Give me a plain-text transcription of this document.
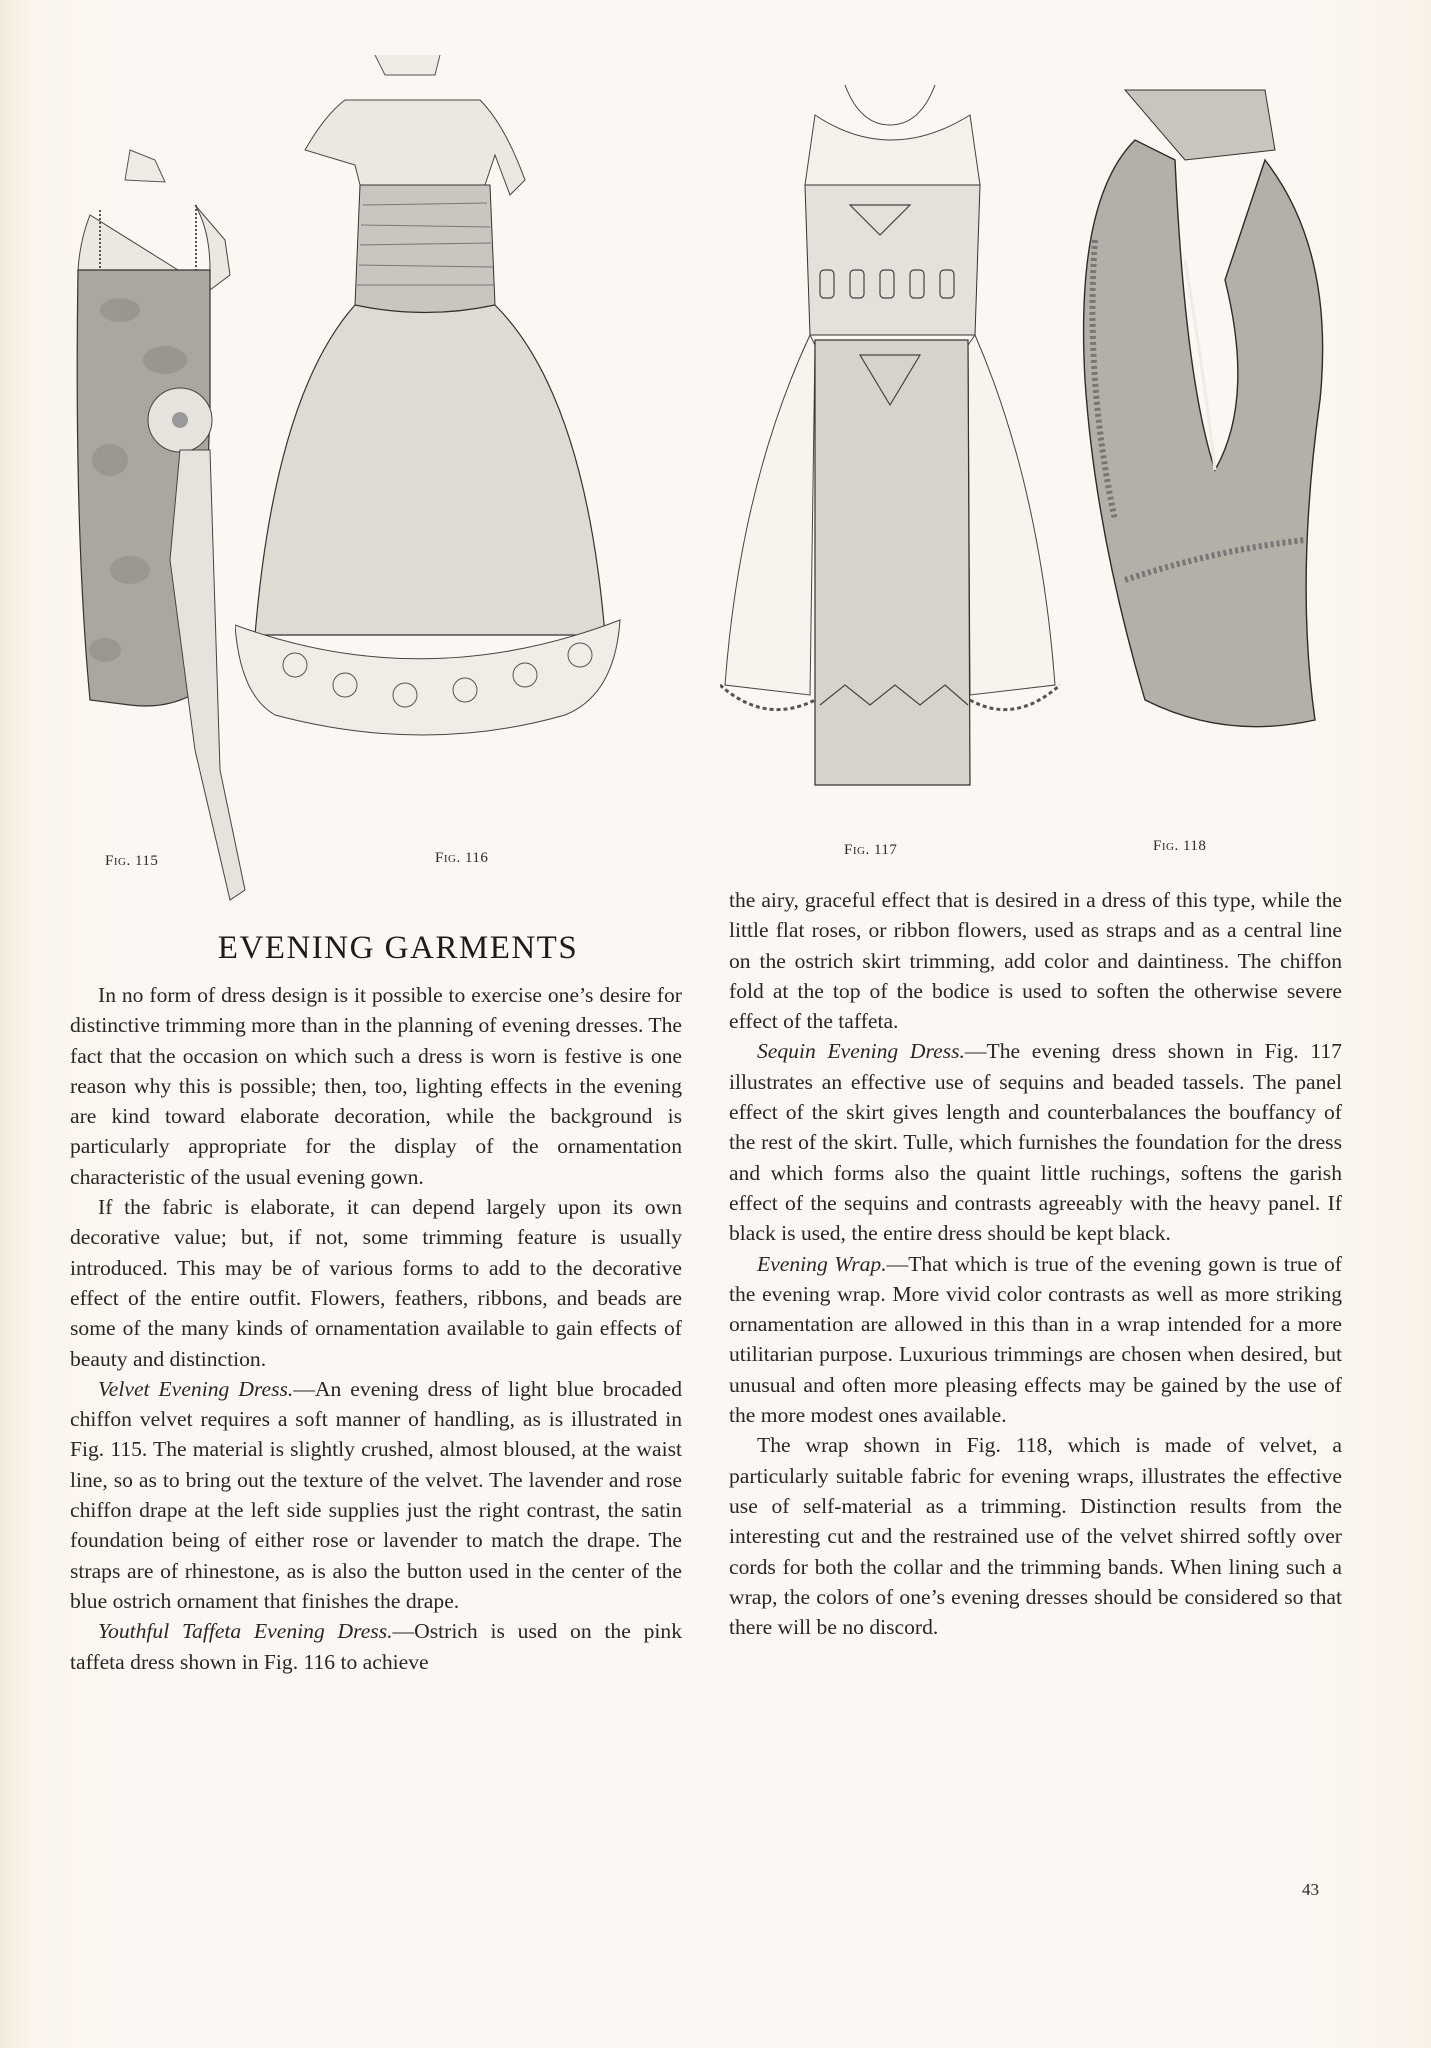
Fig. 115	Fig. 116	Fig. 117	Fig. 118
EVENING GARMENTS

In no form of dress design is it possible to exercise one’s desire for distinctive trimming more than in the planning of evening dresses. The fact that the occasion on which such a dress is worn is festive is one reason why this is possible; then, too, lighting effects in the evening are kind toward elaborate decoration, while the background is particularly appropriate for the display of the ornamentation characteristic of the usual evening gown.

If the fabric is elaborate, it can depend largely upon its own decorative value; but, if not, some trimming feature is usually introduced. This may be of various forms to add to the decorative effect of the entire outfit. Flowers, feathers, ribbons, and beads are some of the many kinds of ornamentation available to gain effects of beauty and distinction.

Velvet Evening Dress.—An evening dress of light blue brocaded chiffon velvet requires a soft manner of handling, as is illustrated in Fig. 115. The material is slightly crushed, almost bloused, at the waist line, so as to bring out the texture of the velvet. The lavender and rose chiffon drape at the left side supplies just the right contrast, the satin foundation being of either rose or lavender to match the drape. The straps are of rhinestone, as is also the button used in the center of the blue ostrich ornament that finishes the drape.

Youthful Taffeta Evening Dress.—Ostrich is used on the pink taffeta dress shown in Fig. 116 to achieve

the airy, graceful effect that is desired in a dress of this type, while the little flat roses, or ribbon flowers, used as straps and as a central line on the ostrich skirt trimming, add color and daintiness. The chiffon fold at the top of the bodice is used to soften the otherwise severe effect of the taffeta.

Sequin Evening Dress.—The evening dress shown in Fig. 117 illustrates an effective use of sequins and beaded tassels. The panel effect of the skirt gives length and counterbalances the bouffancy of the rest of the skirt. Tulle, which furnishes the foundation for the dress and which forms also the quaint little ruchings, softens the garish effect of the sequins and contrasts agreeably with the heavy panel. If black is used, the entire dress should be kept black.

Evening Wrap.—That which is true of the evening gown is true of the evening wrap. More vivid color contrasts as well as more striking ornamentation are allowed in this than in a wrap intended for a more utilitarian purpose. Luxurious trimmings are chosen when desired, but unusual and often more pleasing effects may be gained by the use of the more modest ones available.

The wrap shown in Fig. 118, which is made of velvet, a particularly suitable fabric for evening wraps, illustrates the effective use of self-material as a trimming. Distinction results from the interesting cut and the restrained use of the velvet shirred softly over cords for both the collar and the trimming bands. When lining such a wrap, the colors of one’s evening dresses should be considered so that there will be no discord.

43
